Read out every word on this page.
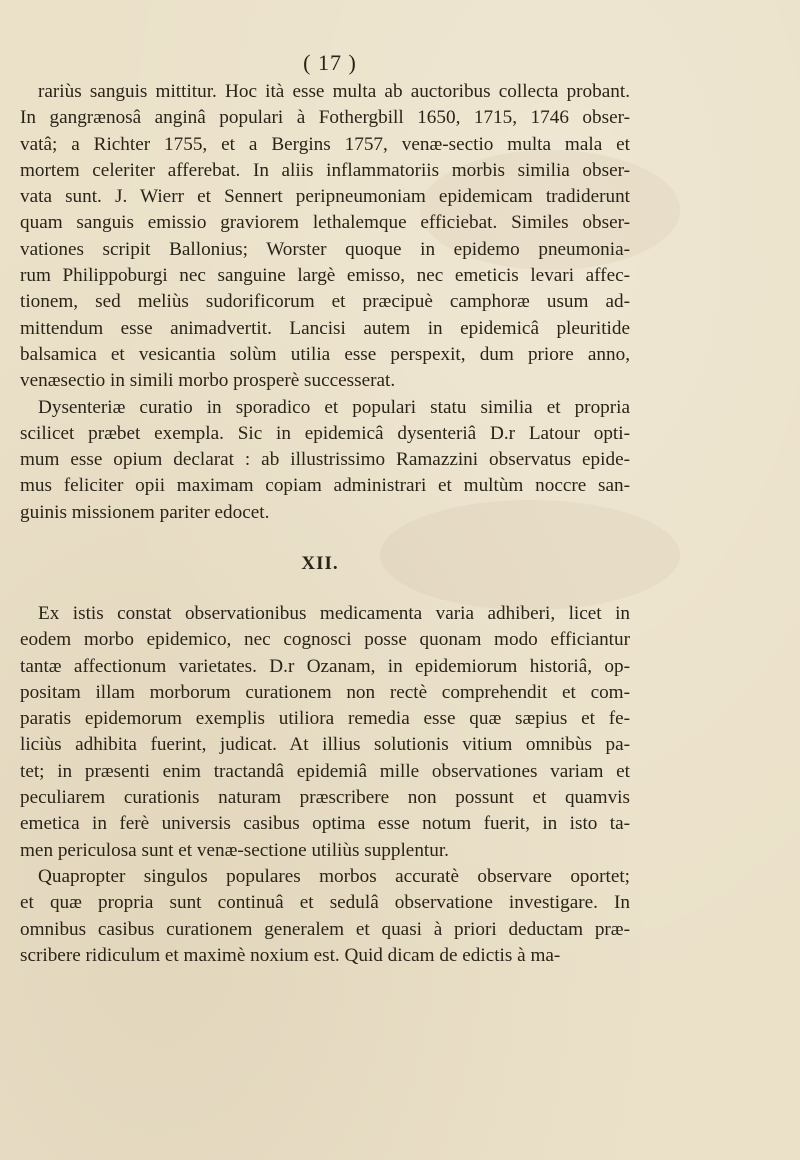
( 17 )
rariùs sanguis mittitur. Hoc ità esse multa ab auctoribus collecta probant.
In gangrænosâ anginâ populari à Fothergbill 1650, 1715, 1746 obser-
vatâ; a Richter 1755, et a Bergins 1757, venæ-sectio multa mala et
mortem celeriter afferebat. In aliis inflammatoriis morbis similia obser-
vata sunt. J. Wierr et Sennert peripneumoniam epidemicam tradiderunt
quam sanguis emissio graviorem lethalemque efficiebat. Similes obser-
vationes scripit Ballonius; Worster quoque in epidemo pneumonia-
rum Philippoburgi nec sanguine largè emisso, nec emeticis levari affec-
tionem, sed meliùs sudorificorum et præcipuè camphoræ usum ad-
mittendum esse animadvertit. Lancisi autem in epidemicâ pleuritide
balsamica et vesicantia solùm utilia esse perspexit, dum priore anno,
venæsectio in simili morbo prosperè successerat.
Dysenteriæ curatio in sporadico et populari statu similia et propria
scilicet præbet exempla. Sic in epidemicâ dysenteriâ D.r Latour opti-
mum esse opium declarat : ab illustrissimo Ramazzini observatus epide-
mus feliciter opii maximam copiam administrari et multùm noccre san-
guinis missionem pariter edocet.
XII.
Ex istis constat observationibus medicamenta varia adhiberi, licet in
eodem morbo epidemico, nec cognosci posse quonam modo efficiantur
tantæ affectionum varietates. D.r Ozanam, in epidemiorum historiâ, op-
positam illam morborum curationem non rectè comprehendit et com-
paratis epidemorum exemplis utiliora remedia esse quæ sæpius et fe-
liciùs adhibita fuerint, judicat. At illius solutionis vitium omnibùs pa-
tet; in præsenti enim tractandâ epidemiâ mille observationes variam et
peculiarem curationis naturam præscribere non possunt et quamvis
emetica in ferè universis casibus optima esse notum fuerit, in isto ta-
men periculosa sunt et venæ-sectione utiliùs supplentur.
Quapropter singulos populares morbos accuratè observare oportet;
et quæ propria sunt continuâ et sedulâ observatione investigare. In
omnibus casibus curationem generalem et quasi à priori deductam præ-
scribere ridiculum et maximè noxium est. Quid dicam de edictis à ma-
